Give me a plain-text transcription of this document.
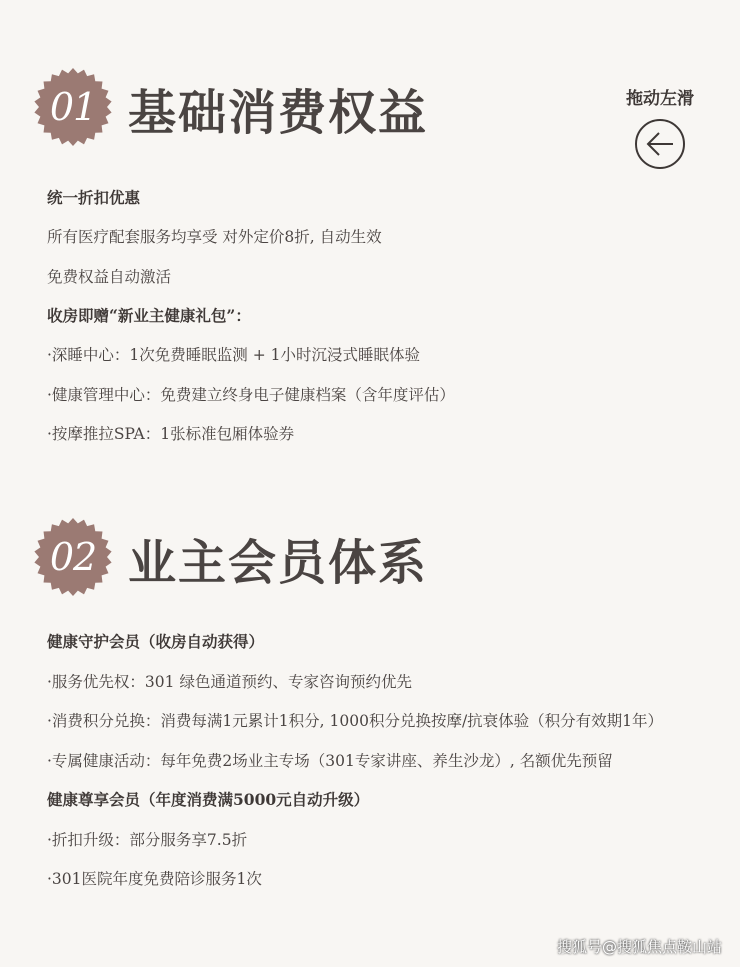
01 基础消费权益	拖动左滑
统一折扣优惠
所有医疗配套服务均享受 对外定价8折, 自动生效
免费权益自动激活
收房即赠“新业主健康礼包”：
·深睡中心：1次免费睡眠监测 + 1小时沉浸式睡眠体验
·健康管理中心：免费建立终身电子健康档案（含年度评估）
·按摩推拉SPA：1张标准包厢体验券
02 业主会员体系
健康守护会员（收房自动获得）
·服务优先权：301 绿色通道预约、专家咨询预约优先
·消费积分兑换：消费每满1元累计1积分, 1000积分兑换按摩/抗衰体验（积分有效期1年）
·专属健康活动：每年免费2场业主专场（301专家讲座、养生沙龙）, 名额优先预留
健康尊享会员（年度消费满5000元自动升级）
·折扣升级：部分服务享7.5折
·301医院年度免费陪诊服务1次
搜狐号@搜狐焦点鞍山站
